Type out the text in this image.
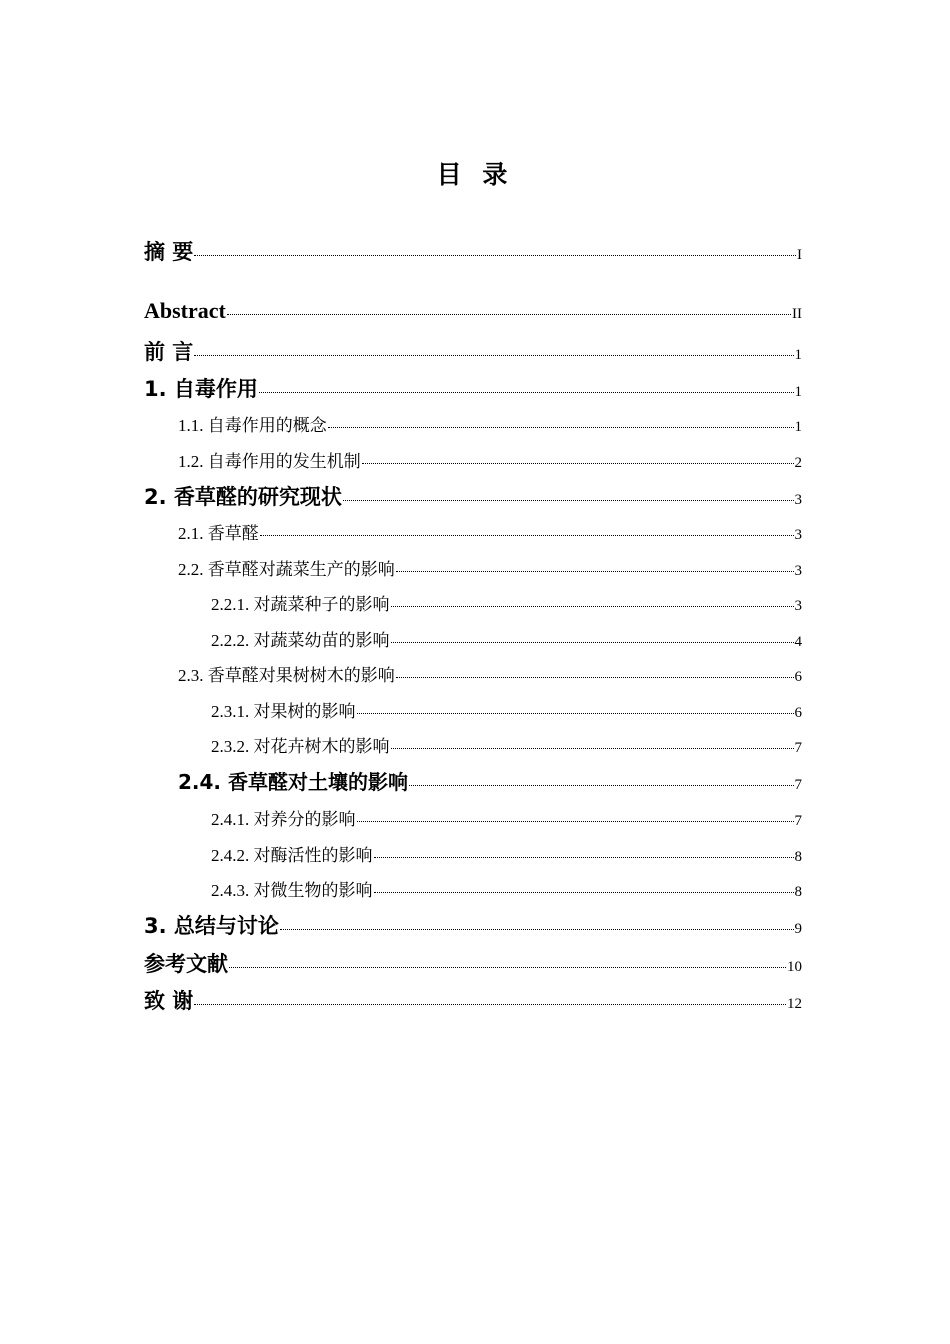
目 录
摘 要	I
Abstract	II
前 言	1
1. 自毒作用	1
1.1. 自毒作用的概念	1
1.2. 自毒作用的发生机制	2
2. 香草醛的研究现状	3
2.1. 香草醛	3
2.2. 香草醛对蔬菜生产的影响	3
2.2.1. 对蔬菜种子的影响	3
2.2.2. 对蔬菜幼苗的影响	4
2.3. 香草醛对果树树木的影响	6
2.3.1. 对果树的影响	6
2.3.2. 对花卉树木的影响	7
2.4. 香草醛对土壤的影响	7
2.4.1. 对养分的影响	7
2.4.2. 对酶活性的影响	8
2.4.3. 对微生物的影响	8
3. 总结与讨论	9
参考文献	10
致 谢	12
